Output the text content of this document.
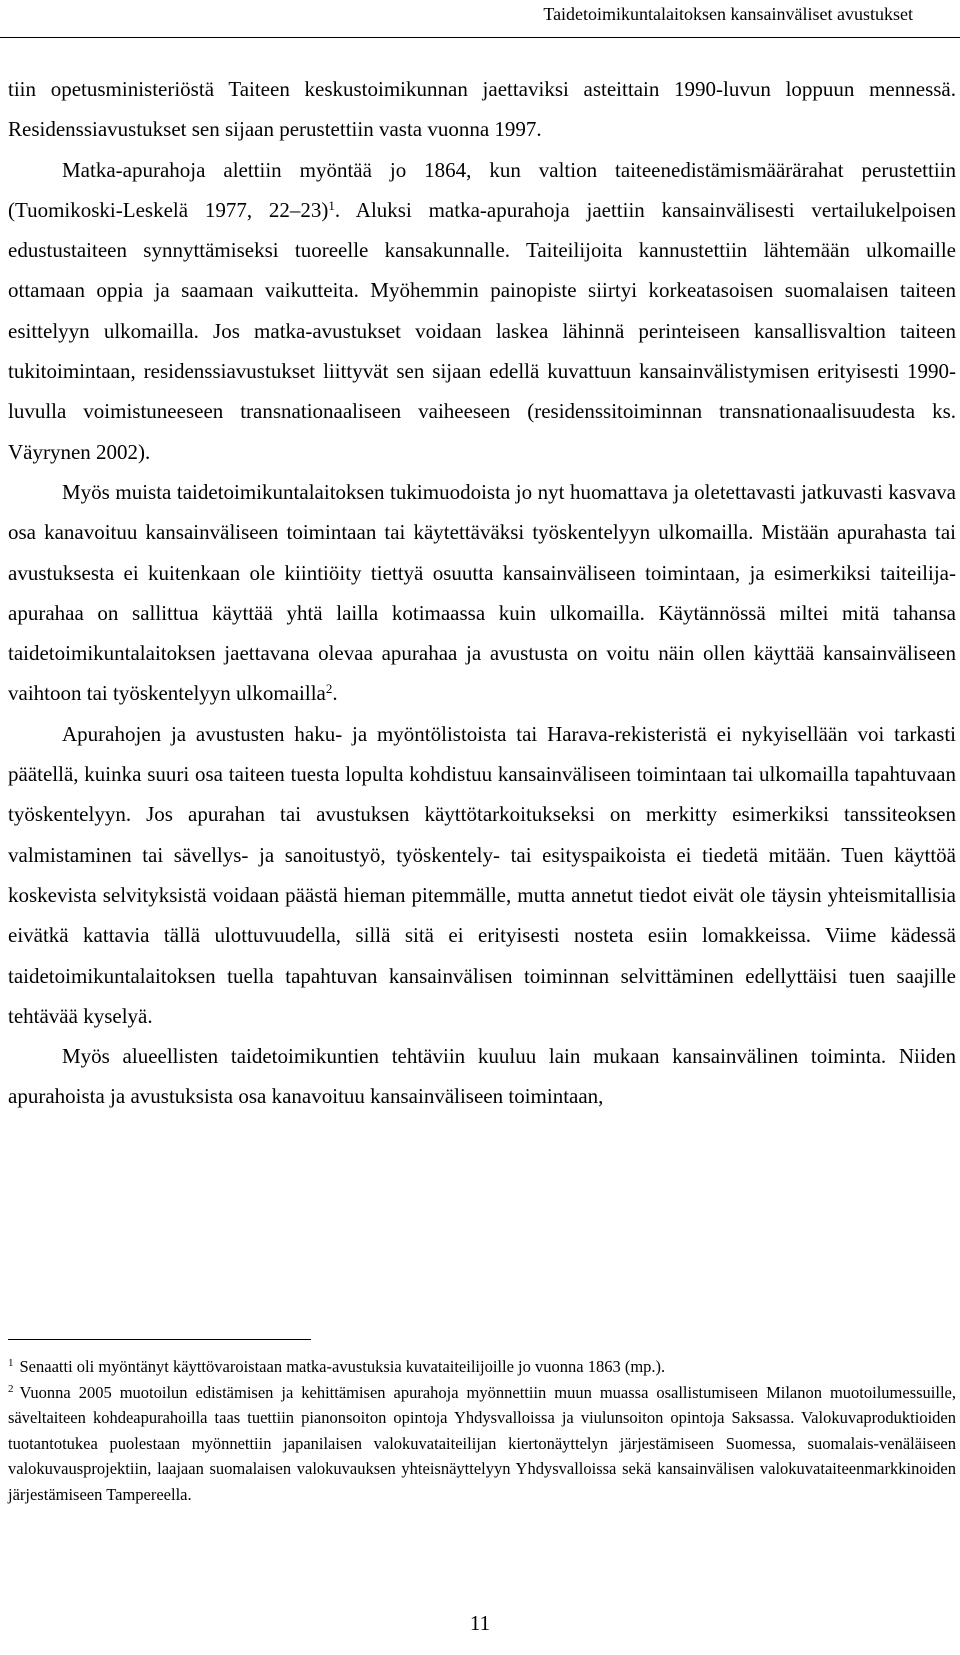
Taidetoimikuntalaitoksen kansainväliset avustukset

tiin opetusministeriöstä Taiteen keskustoimikunnan jaettaviksi asteittain 1990-luvun loppuun mennessä. Residenssiavustukset sen sijaan perustettiin vasta vuonna 1997.

Matka-apurahoja alettiin myöntää jo 1864, kun valtion taiteenedistämismäärärahat perustettiin (Tuomikoski-Leskelä 1977, 22–23)$^1$. Aluksi matka-apurahoja jaettiin kansainvälisesti vertailukelpoisen edustustaiteen synnyttämiseksi tuoreelle kansakunnalle. Taiteilijoita kannustettiin lähtemään ulkomaille ottamaan oppia ja saamaan vaikutteita. Myöhemmin painopiste siirtyi korkeatasoisen suomalaisen taiteen esittelyyn ulkomailla. Jos matka-avustukset voidaan laskea lähinnä perinteiseen kansallisvaltion taiteen tukitoimintaan, residenssiavustukset liittyvät sen sijaan edellä kuvattuun kansainvälistymisen erityisesti 1990-luvulla voimistuneeseen transnationaaliseen vaiheeseen (residenssitoiminnan transnationaalisuudesta ks. Väyrynen 2002).

Myös muista taidetoimikuntalaitoksen tukimuodoista jo nyt huomattava ja oletettavasti jatkuvasti kasvava osa kanavoituu kansainväliseen toimintaan tai käytettäväksi työskentelyyn ulkomailla. Mistään apurahasta tai avustuksesta ei kuitenkaan ole kiintiöity tiettyä osuutta kansainväliseen toimintaan, ja esimerkiksi taiteilija-apurahaa on sallittua käyttää yhtä lailla kotimaassa kuin ulkomailla. Käytännössä miltei mitä tahansa taidetoimikuntalaitoksen jaettavana olevaa apurahaa ja avustusta on voitu näin ollen käyttää kansainväliseen vaihtoon tai työskentelyyn ulkomailla$^2$.

Apurahojen ja avustusten haku- ja myöntölistoista tai Harava-rekisteristä ei nykyisellään voi tarkasti päätellä, kuinka suuri osa taiteen tuesta lopulta kohdistuu kansainväliseen toimintaan tai ulkomailla tapahtuvaan työskentelyyn. Jos apurahan tai avustuksen käyttötarkoitukseksi on merkitty esimerkiksi tanssiteoksen valmistaminen tai sävellys- ja sanoitustyö, työskentely- tai esityspaikoista ei tiedetä mitään. Tuen käyttöä koskevista selvityksistä voidaan päästä hieman pitemmälle, mutta annetut tiedot eivät ole täysin yhteismitallisia eivätkä kattavia tällä ulottuvuudella, sillä sitä ei erityisesti nosteta esiin lomakkeissa. Viime kädessä taidetoimikuntalaitoksen tuella tapahtuvan kansainvälisen toiminnan selvittäminen edellyttäisi tuen saajille tehtävää kyselyä.

Myös alueellisten taidetoimikuntien tehtäviin kuuluu lain mukaan kansainvälinen toiminta. Niiden apurahoista ja avustuksista osa kanavoituu kansainväliseen toimintaan,

$^1$ Senaatti oli myöntänyt käyttövaroistaan matka-avustuksia kuvataiteilijoille jo vuonna 1863 (mp.).

$^2$ Vuonna 2005 muotoilun edistämisen ja kehittämisen apurahoja myönnettiin muun muassa osallistumiseen Milanon muotoilumessuille, säveltaiteen kohdeapurahoilla taas tuettiin pianonsoiton opintoja Yhdysvalloissa ja viulunsoiton opintoja Saksassa. Valokuvaproduktioiden tuotantotukea puolestaan myönnettiin japanilaisen valokuvataiteilijan kiertonäyttelyn järjestämiseen Suomessa, suomalais-venäläiseen valokuvausprojektiin, laajaan suomalaisen valokuvauksen yhteisnäyttelyyn Yhdysvalloissa sekä kansainvälisen valokuvataiteenmarkkinoiden järjestämiseen Tampereella.

11
